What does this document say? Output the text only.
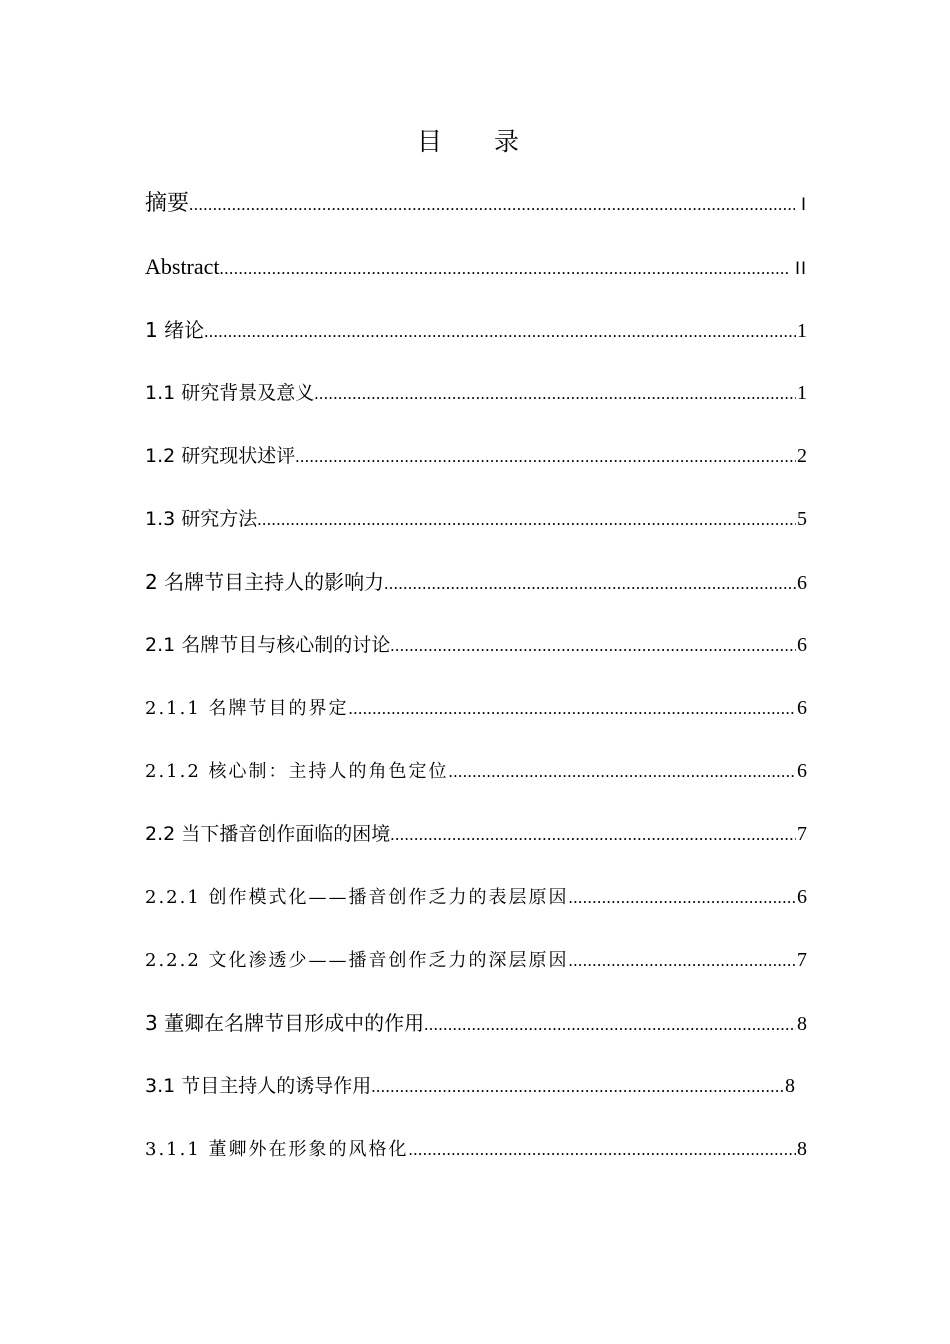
目 录
摘要 .....	Ⅰ
Abstract .....	II
1 绪论 .....	1
1.1 研究背景及意义 .....	1
1.2 研究现状述评 .....	2
1.3 研究方法 .....	5
2 名牌节目主持人的影响力 .....	6
2.1 名牌节目与核心制的讨论 .....	6
2.1.1 名牌节目的界定 .....	6
2.1.2 核心制：主持人的角色定位 .....	6
2.2 当下播音创作面临的困境 .....	7
2.2.1 创作模式化——播音创作乏力的表层原因 .....	6
2.2.2 文化渗透少——播音创作乏力的深层原因 .....	7
3 董卿在名牌节目形成中的作用 .....	8
3.1 节目主持人的诱导作用 .....	8
3.1.1 董卿外在形象的风格化 .....	8
